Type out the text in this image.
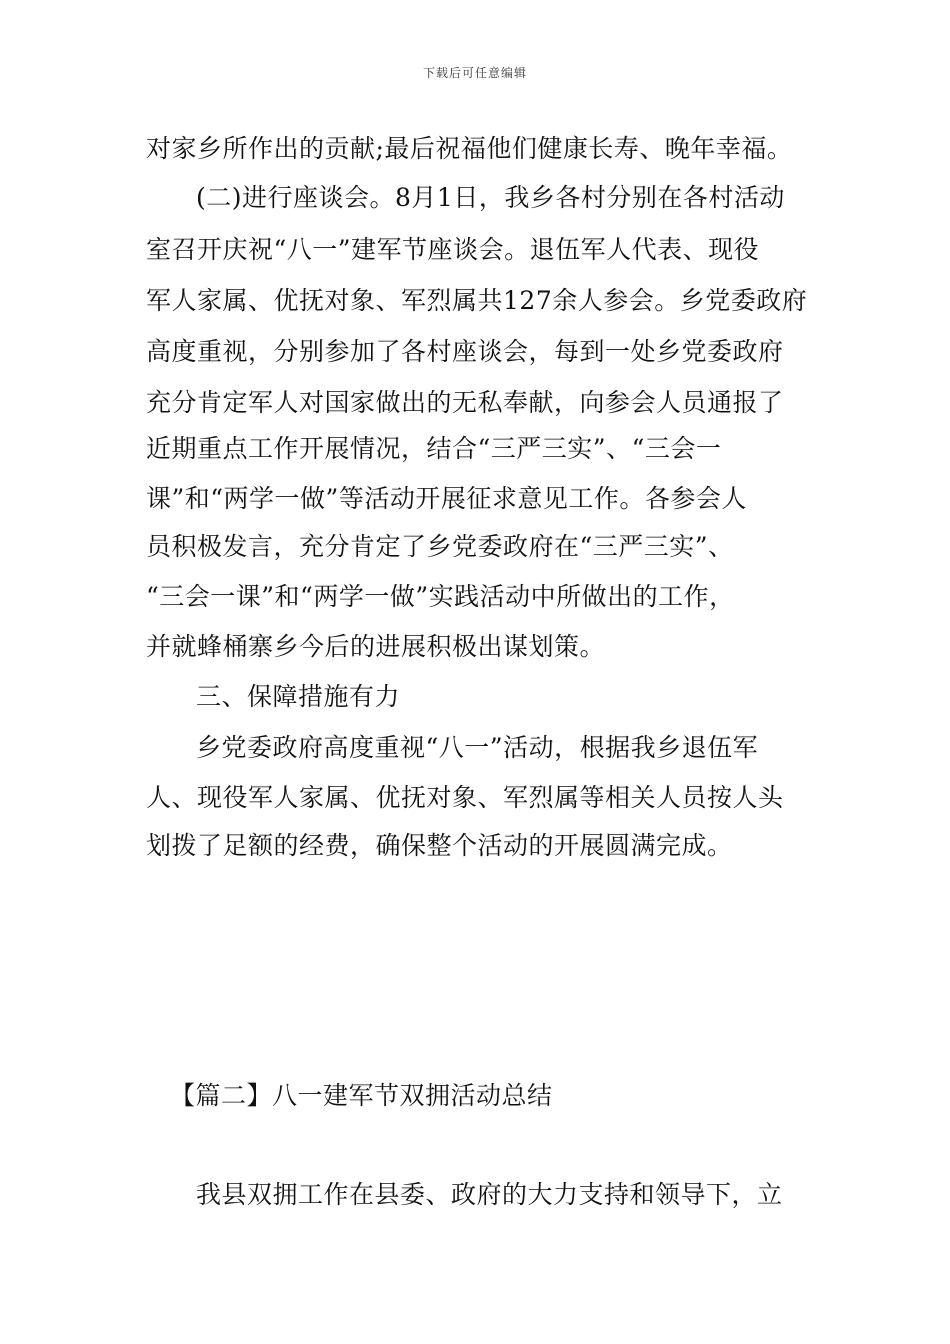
下载后可任意编辑
对家乡所作出的贡献;最后祝福他们健康长寿、晚年幸福。
(二)进行座谈会。8月1日，我乡各村分别在各村活动
室召开庆祝“八一”建军节座谈会。退伍军人代表、现役
军人家属、优抚对象、军烈属共127余人参会。乡党委政府
高度重视，分别参加了各村座谈会，每到一处乡党委政府
充分肯定军人对国家做出的无私奉献，向参会人员通报了
近期重点工作开展情况，结合“三严三实”、“三会一
课”和“两学一做”等活动开展征求意见工作。各参会人
员积极发言，充分肯定了乡党委政府在“三严三实”、
“三会一课”和“两学一做”实践活动中所做出的工作，
并就蜂桶寨乡今后的进展积极出谋划策。
三、保障措施有力
乡党委政府高度重视“八一”活动，根据我乡退伍军
人、现役军人家属、优抚对象、军烈属等相关人员按人头
划拨了足额的经费，确保整个活动的开展圆满完成。
【篇二】八一建军节双拥活动总结
我县双拥工作在县委、政府的大力支持和领导下，立
